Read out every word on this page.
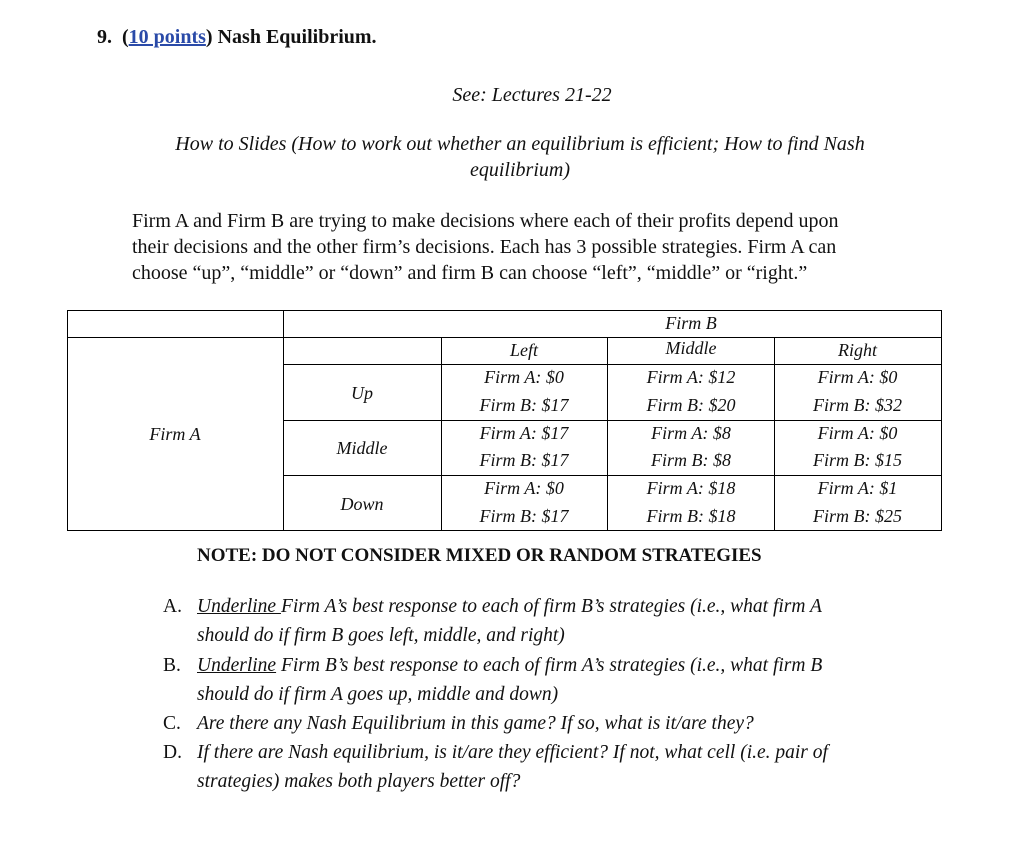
9.  (10 points) Nash Equilibrium.
See: Lectures 21-22
How to Slides (How to work out whether an equilibrium is efficient; How to find Nash
equilibrium)
Firm A and Firm B are trying to make decisions where each of their profits depend upon
their decisions and the other firm’s decisions. Each has 3 possible strategies. Firm A can
choose “up”, “middle” or “down” and firm B can choose “left”, “middle” or “right.”
Firm B
Firm A
Left	Middle	Right
Up
Middle
Down
Firm A: $0
Firm B: $17
Firm A: $12
Firm B: $20
Firm A: $0
Firm B: $32
Firm A: $17
Firm B: $17
Firm A: $8
Firm B: $8
Firm A: $0
Firm B: $15
Firm A: $0
Firm B: $17
Firm A: $18
Firm B: $18
Firm A: $1
Firm B: $25
NOTE: DO NOT CONSIDER MIXED OR RANDOM STRATEGIES
A. Underline Firm A’s best response to each of firm B’s strategies (i.e., what firm A
should do if firm B goes left, middle, and right)
B. Underline Firm B’s best response to each of firm A’s strategies (i.e., what firm B
should do if firm A goes up, middle and down)
C. Are there any Nash Equilibrium in this game? If so, what is it/are they?
D. If there are Nash equilibrium, is it/are they efficient? If not, what cell (i.e. pair of
strategies) makes both players better off?
